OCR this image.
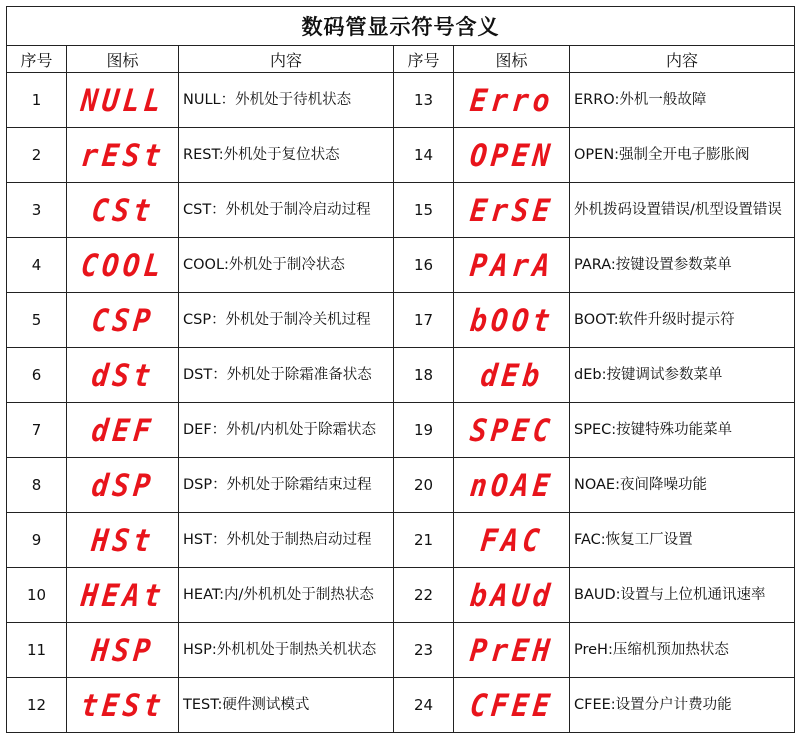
数码管显示符号含义					
序号	图标	内容	序号	图标	内容
1	NULL	NULL：外机处于待机状态	13	Erro	ERRO:外机一般故障
2	rESt	REST:外机处于复位状态	14	OPEN	OPEN:强制全开电子膨胀阀
3	CSt	CST：外机处于制冷启动过程	15	ErSE	外机拨码设置错误/机型设置错误
4	COOL	COOL:外机处于制冷状态	16	PArA	PARA:按键设置参数菜单
5	CSP	CSP：外机处于制冷关机过程	17	bOOt	BOOT:软件升级时提示符
6	dSt	DST：外机处于除霜准备状态	18	dEb	dEb:按键调试参数菜单
7	dEF	DEF：外机/内机处于除霜状态	19	SPEC	SPEC:按键特殊功能菜单
8	dSP	DSP：外机处于除霜结束过程	20	nOAE	NOAE:夜间降噪功能
9	HSt	HST：外机处于制热启动过程	21	FAC	FAC:恢复工厂设置
10	HEAt	HEAT:内/外机机处于制热状态	22	bAUd	BAUD:设置与上位机通讯速率
11	HSP	HSP:外机机处于制热关机状态	23	PrEH	PreH:压缩机预加热状态
12	tESt	TEST:硬件测试模式	24	CFEE	CFEE:设置分户计费功能
